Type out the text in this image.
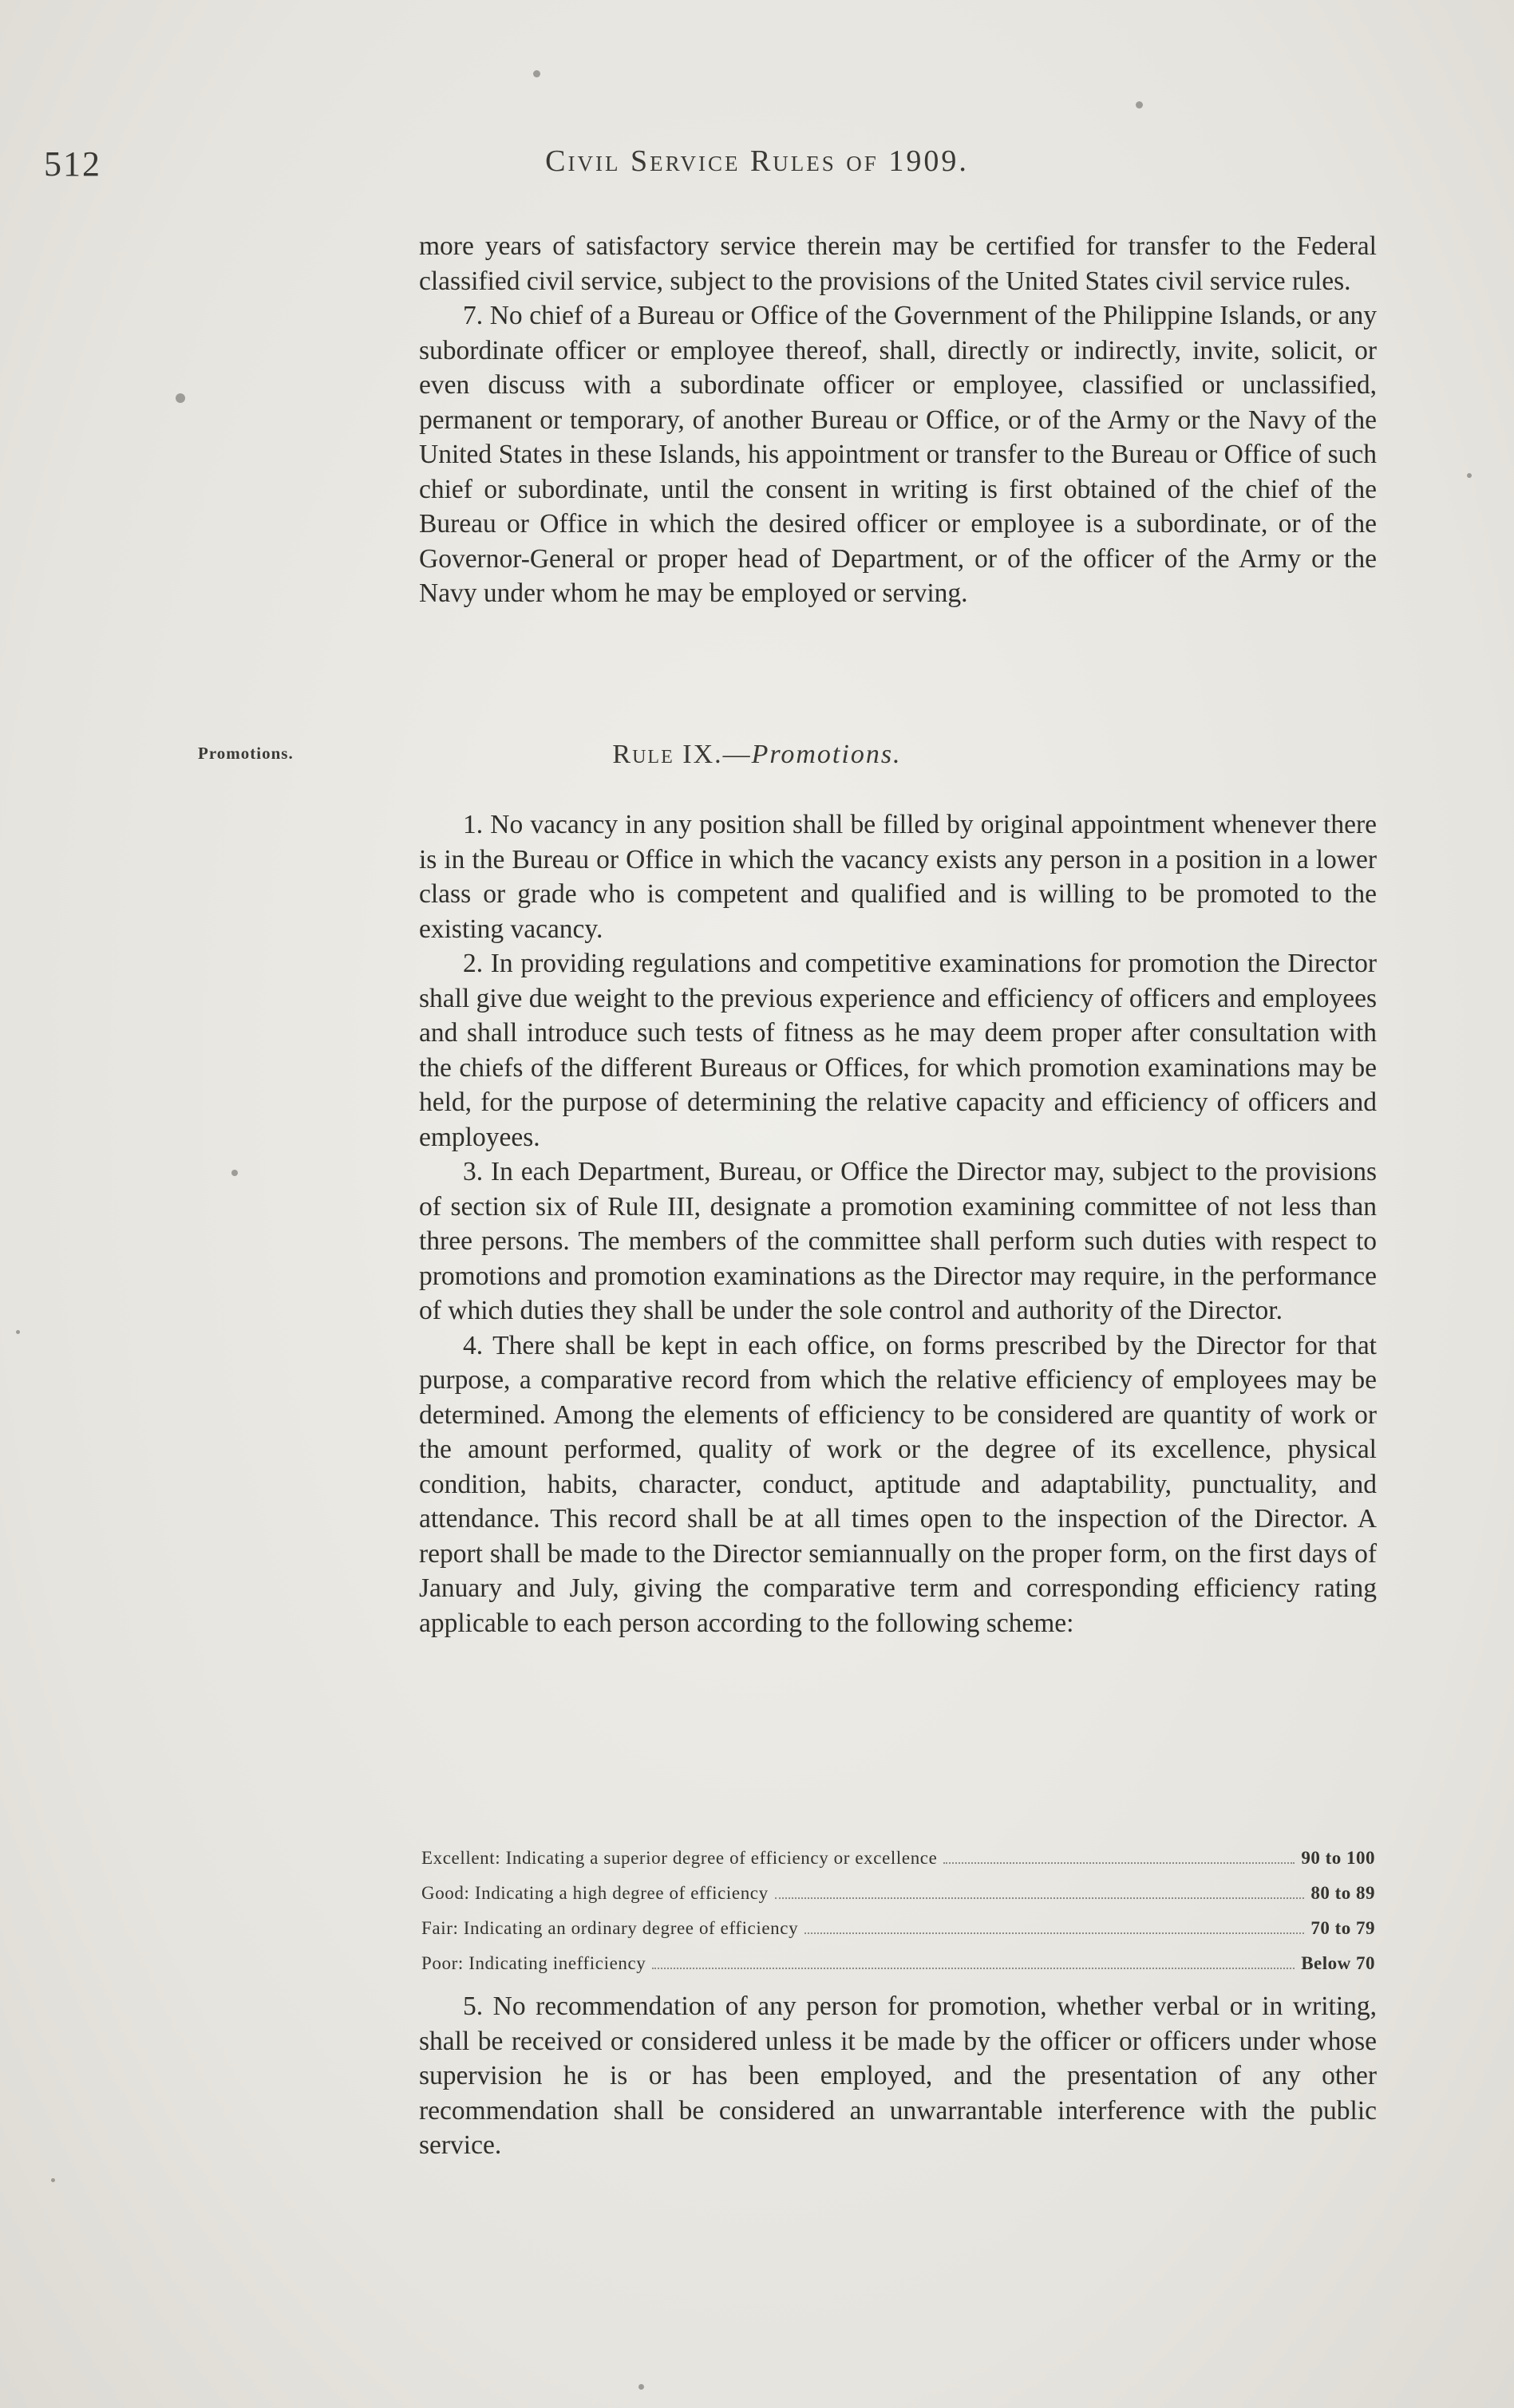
512	Civil Service Rules of 1909.

more years of satisfactory service therein may be certified for transfer to the Federal classified civil service, subject to the provisions of the United States civil service rules.

7. No chief of a Bureau or Office of the Government of the Philippine Islands, or any subordinate officer or employee thereof, shall, directly or indirectly, invite, solicit, or even discuss with a subordinate officer or employee, classified or unclassified, permanent or temporary, of another Bureau or Office, or of the Army or the Navy of the United States in these Islands, his appointment or transfer to the Bureau or Office of such chief or subordinate, until the consent in writing is first obtained of the chief of the Bureau or Office in which the desired officer or employee is a subordinate, or of the Governor-General or proper head of Department, or of the officer of the Army or the Navy under whom he may be employed or serving.

Promotions.	Rule IX.—Promotions.

1. No vacancy in any position shall be filled by original appointment whenever there is in the Bureau or Office in which the vacancy exists any person in a position in a lower class or grade who is competent and qualified and is willing to be promoted to the existing vacancy.

2. In providing regulations and competitive examinations for promotion the Director shall give due weight to the previous experience and efficiency of officers and employees and shall introduce such tests of fitness as he may deem proper after consultation with the chiefs of the different Bureaus or Offices, for which promotion examinations may be held, for the purpose of determining the relative capacity and efficiency of officers and employees.

3. In each Department, Bureau, or Office the Director may, subject to the provisions of section six of Rule III, designate a promotion examining committee of not less than three persons. The members of the committee shall perform such duties with respect to promotions and promotion examinations as the Director may require, in the performance of which duties they shall be under the sole control and authority of the Director.

4. There shall be kept in each office, on forms prescribed by the Director for that purpose, a comparative record from which the relative efficiency of employees may be determined. Among the elements of efficiency to be considered are quantity of work or the amount performed, quality of work or the degree of its excellence, physical condition, habits, character, conduct, aptitude and adaptability, punctuality, and attendance. This record shall be at all times open to the inspection of the Director. A report shall be made to the Director semiannually on the proper form, on the first days of January and July, giving the comparative term and corresponding efficiency rating applicable to each person according to the following scheme:

Excellent: Indicating a superior degree of efficiency or excellence	90 to 100
Good: Indicating a high degree of efficiency	80 to 89
Fair: Indicating an ordinary degree of efficiency	70 to 79
Poor: Indicating inefficiency	Below 70

5. No recommendation of any person for promotion, whether verbal or in writing, shall be received or considered unless it be made by the officer or officers under whose supervision he is or has been employed, and the presentation of any other recommendation shall be considered an unwarrantable interference with the public service.
